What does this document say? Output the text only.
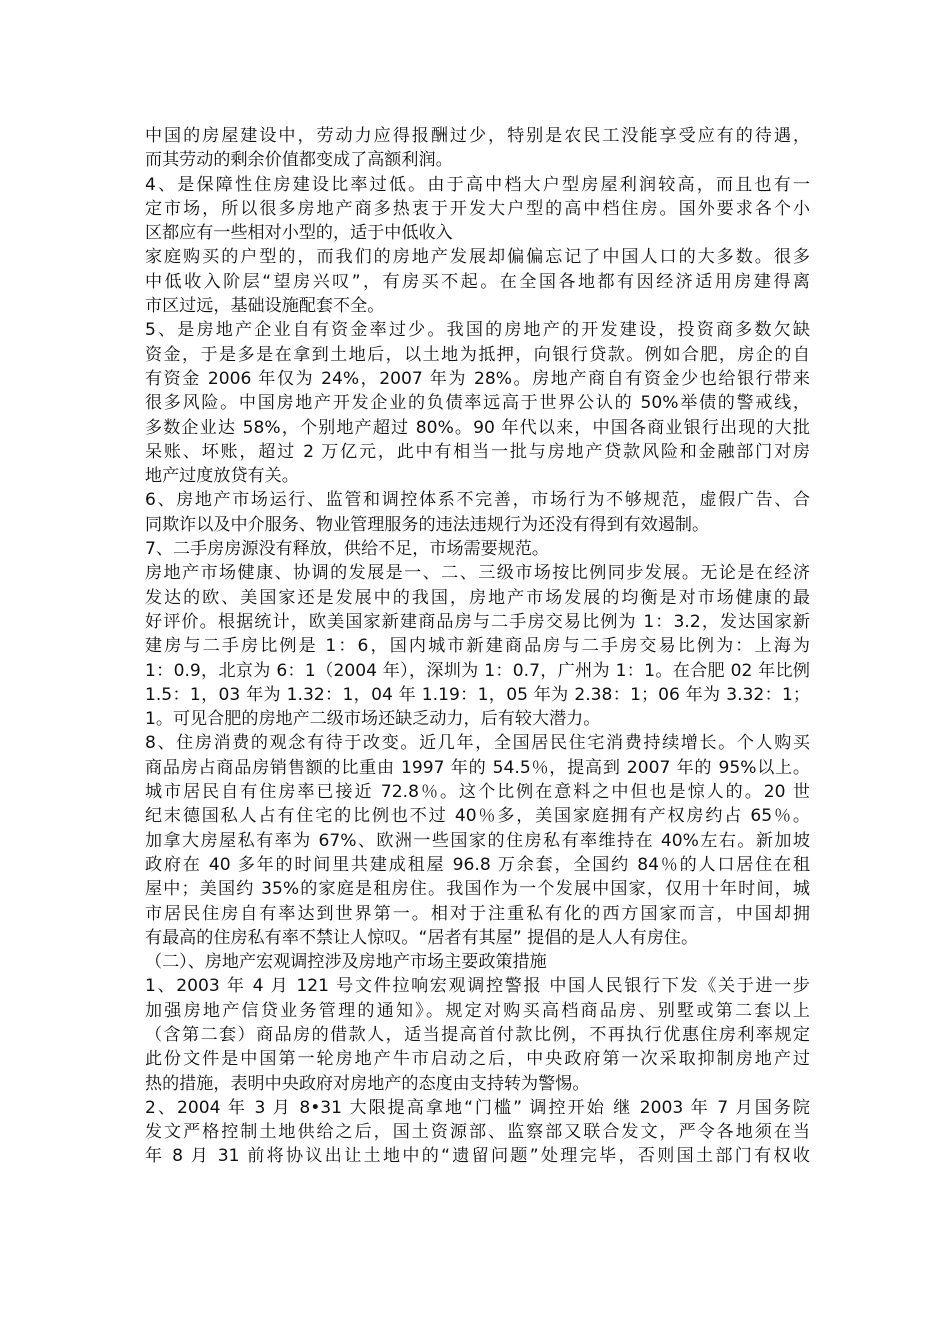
中国的房屋建设中，劳动力应得报酬过少，特别是农民工没能享受应有的待遇，
而其劳动的剩余价值都变成了高额利润。
4、是保障性住房建设比率过低。由于高中档大户型房屋利润较高，而且也有一
定市场，所以很多房地产商多热衷于开发大户型的高中档住房。国外要求各个小
区都应有一些相对小型的，适于中低收入
家庭购买的户型的，而我们的房地产发展却偏偏忘记了中国人口的大多数。很多
中低收入阶层“望房兴叹”，有房买不起。在全国各地都有因经济适用房建得离
市区过远，基础设施配套不全。
5、是房地产企业自有资金率过少。我国的房地产的开发建设，投资商多数欠缺
资金，于是多是在拿到土地后，以土地为抵押，向银行贷款。例如合肥，房企的自
有资金 2006 年仅为 24%，2007 年为 28%。房地产商自有资金少也给银行带来
很多风险。中国房地产开发企业的负债率远高于世界公认的 50%举债的警戒线，
多数企业达 58%，个别地产超过 80%。90 年代以来，中国各商业银行出现的大批
呆账、坏账，超过 2 万亿元，此中有相当一批与房地产贷款风险和金融部门对房
地产过度放贷有关。
6、房地产市场运行、监管和调控体系不完善，市场行为不够规范，虚假广告、合
同欺诈以及中介服务、物业管理服务的违法违规行为还没有得到有效遏制。
7、二手房房源没有释放，供给不足，市场需要规范。
房地产市场健康、协调的发展是一、二、三级市场按比例同步发展。无论是在经济
发达的欧、美国家还是发展中的我国，房地产市场发展的均衡是对市场健康的最
好评价。根据统计，欧美国家新建商品房与二手房交易比例为 1：3.2，发达国家新
建房与二手房比例是 1：6，国内城市新建商品房与二手房交易比例为：上海为
1：0.9，北京为 6：1（2004 年），深圳为 1：0.7，广州为 1：1。在合肥 02 年比例
1.5：1，03 年为 1.32：1，04 年 1.19：1，05 年为 2.38：1；06 年为 3.32：1；
1。可见合肥的房地产二级市场还缺乏动力，后有较大潜力。
8、住房消费的观念有待于改变。近几年，全国居民住宅消费持续增长。个人购买
商品房占商品房销售额的比重由 1997 年的 54.5％，提高到 2007 年的 95%以上。
城市居民自有住房率已接近 72.8％。这个比例在意料之中但也是惊人的。20 世
纪末德国私人占有住宅的比例也不过 40％多，美国家庭拥有产权房约占 65％。
加拿大房屋私有率为 67%、欧洲一些国家的住房私有率维持在 40%左右。新加坡
政府在 40 多年的时间里共建成租屋 96.8 万余套，全国约 84％的人口居住在租
屋中；美国约 35%的家庭是租房住。我国作为一个发展中国家，仅用十年时间，城
市居民住房自有率达到世界第一。相对于注重私有化的西方国家而言，中国却拥
有最高的住房私有率不禁让人惊叹。“居者有其屋” 提倡的是人人有房住。
（二）、房地产宏观调控涉及房地产市场主要政策措施
1、2003 年 4 月 121 号文件拉响宏观调控警报 中国人民银行下发《关于进一步
加强房地产信贷业务管理的通知》。规定对购买高档商品房、别墅或第二套以上
（含第二套）商品房的借款人，适当提高首付款比例，不再执行优惠住房利率规定
此份文件是中国第一轮房地产牛市启动之后，中央政府第一次采取抑制房地产过
热的措施，表明中央政府对房地产的态度由支持转为警惕。
2、2004 年 3 月 8•31 大限提高拿地“门槛” 调控开始 继 2003 年 7 月国务院
发文严格控制土地供给之后，国土资源部、监察部又联合发文，严令各地须在当
年 8 月 31 前将协议出让土地中的“遗留问题”处理完毕，否则国土部门有权收
